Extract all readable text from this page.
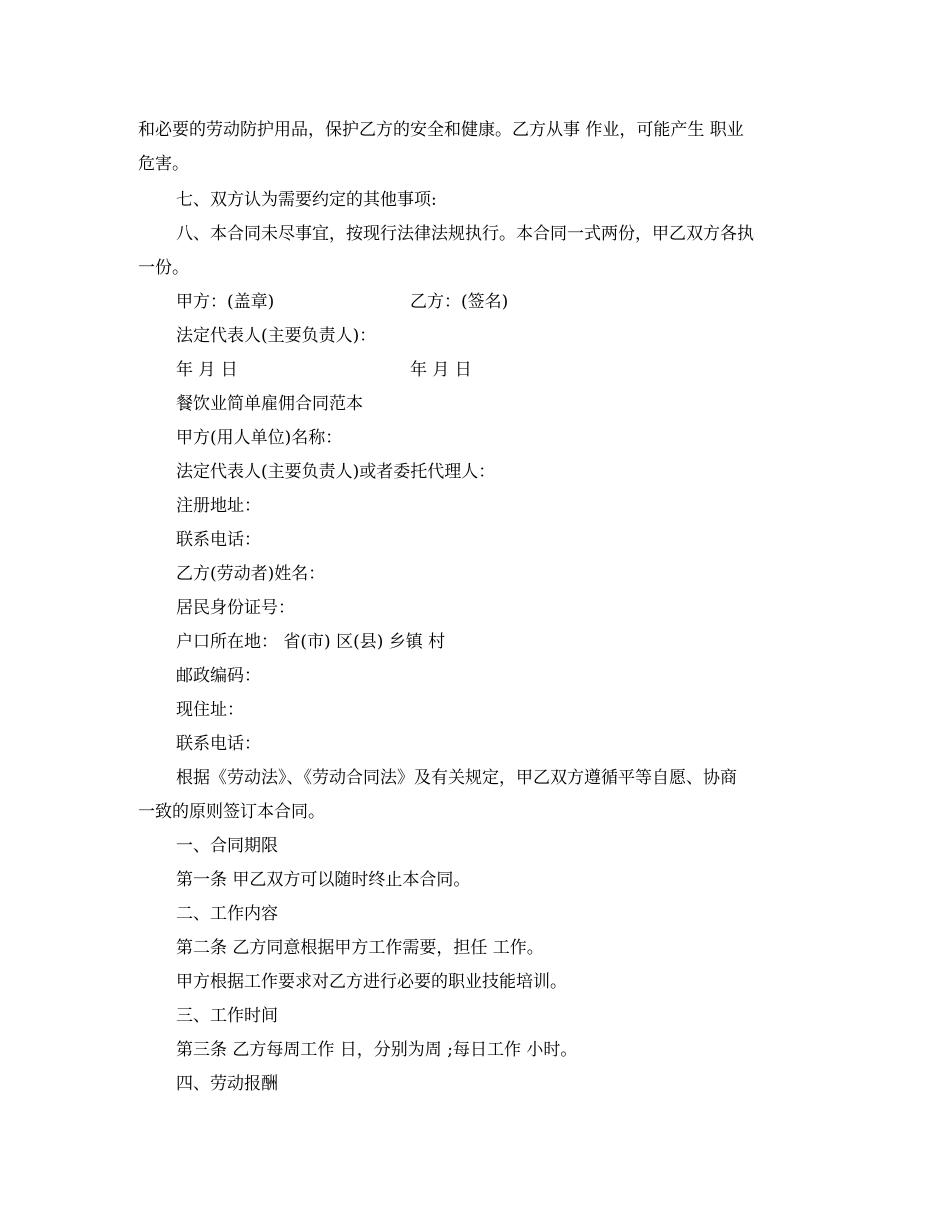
和必要的劳动防护用品，保护乙方的安全和健康。乙方从事 作业，可能产生 职业
危害。
七、双方认为需要约定的其他事项:
八、本合同未尽事宜，按现行法律法规执行。本合同一式两份，甲乙双方各执
一份。
甲方：(盖章)	乙方：(签名)
法定代表人(主要负责人)：
年 月 日	年 月 日
餐饮业简单雇佣合同范本
甲方(用人单位)名称：
法定代表人(主要负责人)或者委托代理人：
注册地址：
联系电话：
乙方(劳动者)姓名：
居民身份证号：
户口所在地： 省(市) 区(县) 乡镇 村
邮政编码：
现住址：
联系电话：
根据《劳动法》、《劳动合同法》及有关规定，甲乙双方遵循平等自愿、协商
一致的原则签订本合同。
一、合同期限
第一条 甲乙双方可以随时终止本合同。
二、工作内容
第二条 乙方同意根据甲方工作需要，担任 工作。
甲方根据工作要求对乙方进行必要的职业技能培训。
三、工作时间
第三条 乙方每周工作 日，分别为周 ;每日工作 小时。
四、劳动报酬
